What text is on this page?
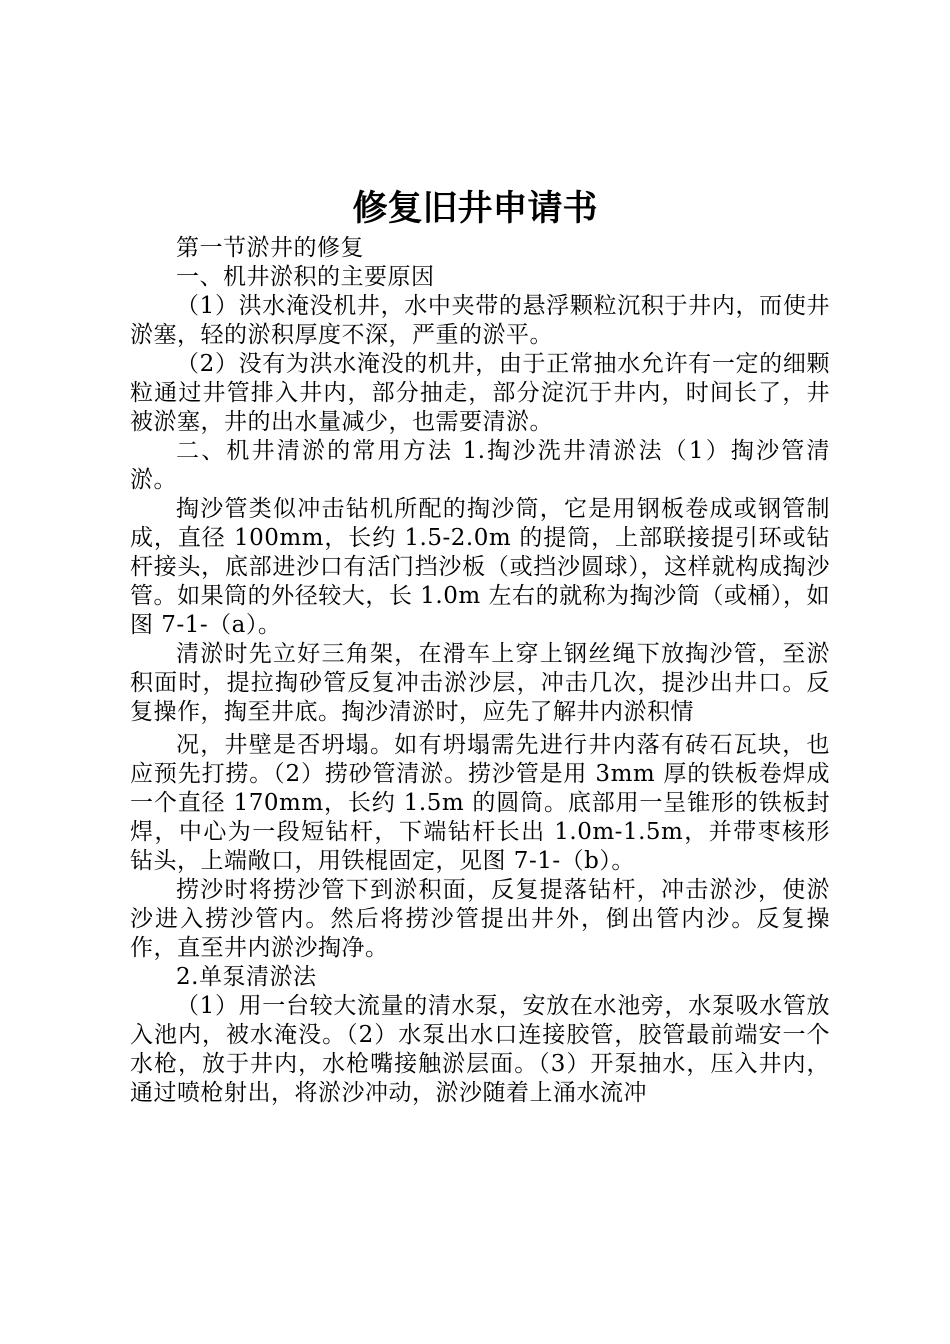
修复旧井申请书

第一节淤井的修复

一、机井淤积的主要原因

（1）洪水淹没机井，水中夹带的悬浮颗粒沉积于井内，而使井淤塞，轻的淤积厚度不深，严重的淤平。

（2）没有为洪水淹没的机井，由于正常抽水允许有一定的细颗粒通过井管排入井内，部分抽走，部分淀沉于井内，时间长了，井被淤塞，井的出水量减少，也需要清淤。

二、机井清淤的常用方法 1.掏沙洗井清淤法（1）掏沙管清淤。

掏沙管类似冲击钻机所配的掏沙筒，它是用钢板卷成或钢管制成，直径 100mm，长约 1.5-2.0m 的提筒，上部联接提引环或钻杆接头，底部进沙口有活门挡沙板（或挡沙圆球），这样就构成掏沙管。如果筒的外径较大，长 1.0m 左右的就称为掏沙筒（或桶），如图 7-1-（a）。

清淤时先立好三角架，在滑车上穿上钢丝绳下放掏沙管，至淤积面时，提拉掏砂管反复冲击淤沙层，冲击几次，提沙出井口。反复操作，掏至井底。掏沙清淤时，应先了解井内淤积情

况，井壁是否坍塌。如有坍塌需先进行井内落有砖石瓦块，也应预先打捞。（2）捞砂管清淤。捞沙管是用 3mm 厚的铁板卷焊成一个直径 170mm，长约 1.5m 的圆筒。底部用一呈锥形的铁板封焊，中心为一段短钻杆，下端钻杆长出 1.0m-1.5m，并带枣核形钻头，上端敞口，用铁棍固定，见图 7-1-（b）。

捞沙时将捞沙管下到淤积面，反复提落钻杆，冲击淤沙，使淤沙进入捞沙管内。然后将捞沙管提出井外，倒出管内沙。反复操作，直至井内淤沙掏净。

2.单泵清淤法

（1）用一台较大流量的清水泵，安放在水池旁，水泵吸水管放入池内，被水淹没。（2）水泵出水口连接胶管，胶管最前端安一个水枪，放于井内，水枪嘴接触淤层面。（3）开泵抽水，压入井内，通过喷枪射出，将淤沙冲动，淤沙随着上涌水流冲
